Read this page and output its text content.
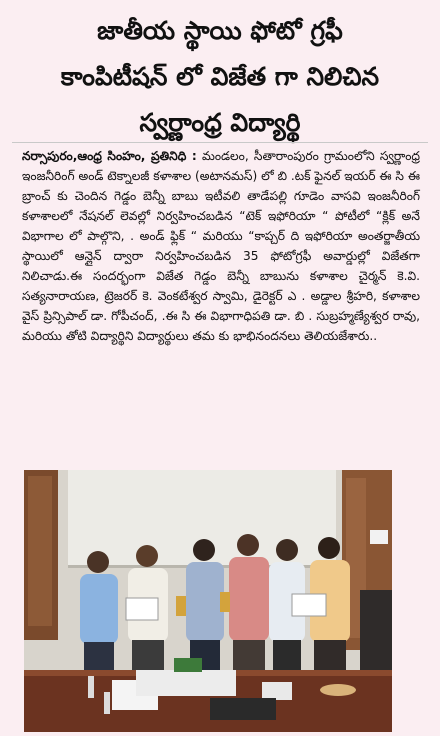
జాతీయ స్థాయి ఫోటో గ్రఫీ
కాంపిటీషన్ లో విజేత గా నిలిచిన
స్వర్ణాంధ్ర విద్యార్థి
నర్సాపురం,ఆంధ్ర సింహం, ప్రతినిధి : మండలం, సీతారాంపురం గ్రామంలోని స్వర్ణాంధ్ర ఇంజనీరింగ్ అండ్ టెక్నాలజీ కళాశాల (అటానమస్) లో బి .టక్ ఫైనల్ ఇయర్ ఈ సి ఈ బ్రాంచ్ కు చెందిన గెడ్డం బెన్నీ బాబు ఇటీవలి తాడేపల్లి గూడెం వాసవి ఇంజనీరింగ్ కళాశాలలో నేషనల్ లెవల్లో నిర్వహించబడిన “టెక్ ఇఫోరియా “ పోటీలో “క్లిక్ అనే విభాగాల లో పాల్గొని, . అండ్ ఫ్లిక్ “ మరియు “కాప్చర్ ది ఇఫోరియా అంతర్జాతీయ స్థాయిలో ఆన్లైన్ ద్వారా నిర్వహించబడిన 35 ఫోటోగ్రఫీ అవార్డుల్లో విజేతగా నిలిచాడు.ఈ సందర్భంగా విజేత గెడ్డం బెన్నీ బాబును కళాశాల చైర్మన్ కె.వి. సత్యనారాయణ, ట్రెజరర్ కె. వెంకటేశ్వర స్వామి, డైరెక్టర్ ఎ . అడ్డాల శ్రీహరి, కళాశాల వైస్ ప్రిన్సిపాల్ డా. గోపీచంద్, .ఈ సి ఈ విభాగాధిపతి డా. బి . సుబ్రహ్మణ్యేశ్వర రావు, మరియు తోటి విద్యార్థిని విద్యార్థులు తమ కు భాభినందనలు తెలియజేశారు..
